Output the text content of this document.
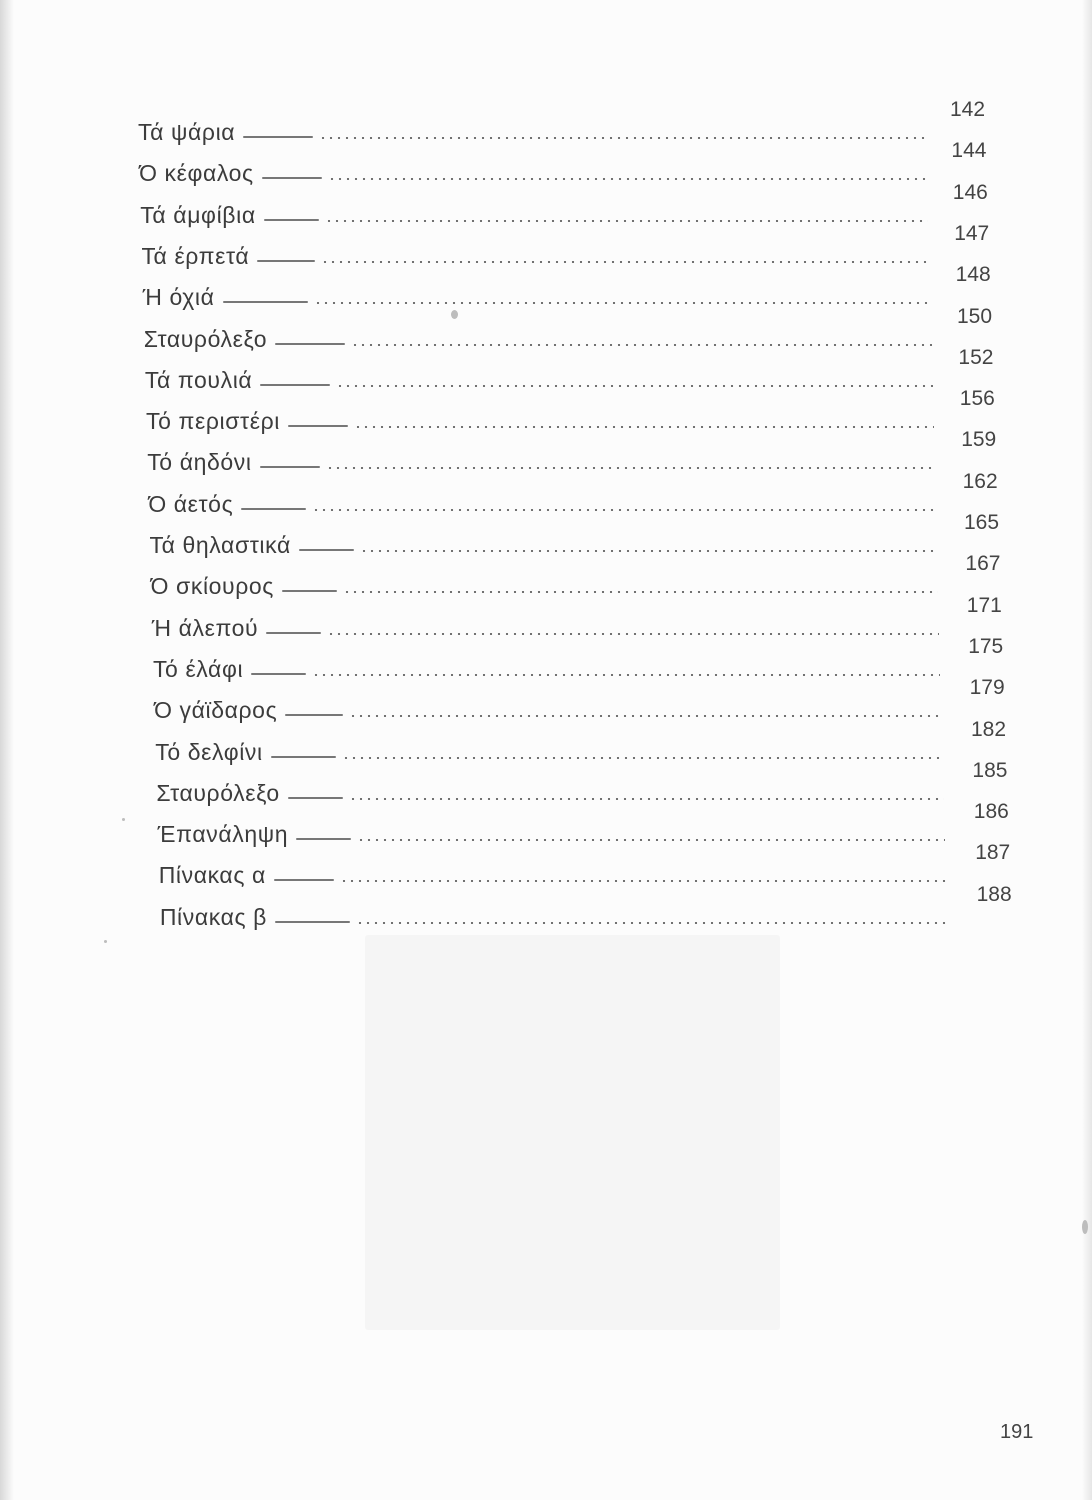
Τά ψάρια
142
Ό κέφαλος
144
Τά άμφίβια
146
Τά έρπετά
147
Ή όχιά
148
Σταυρόλεξο
150
Τά πουλιά
152
Τό περιστέρι
156
Τό άηδόνι
159
Ό άετός
162
Τά θηλαστικά
165
Ό σκίουρος
167
Ή άλεπού
171
Τό έλάφι
175
Ό γάϊδαρος
179
Τό δελφίνι
182
Σταυρόλεξο
185
Έπανάληψη
186
Πίνακας α
187
Πίνακας β
188
191
